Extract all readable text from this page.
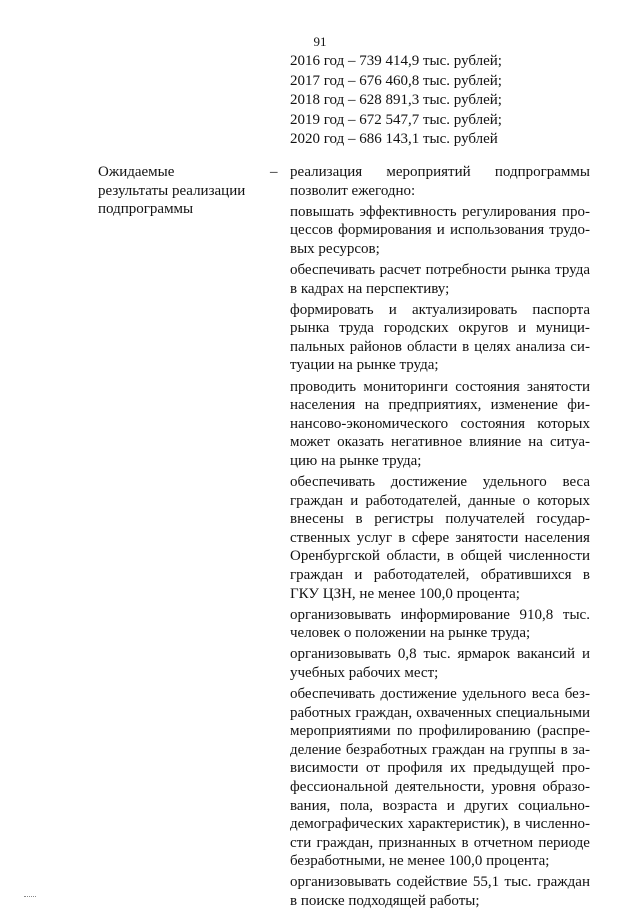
91
2016 год – 739 414,9 тыс. рублей;
2017 год – 676 460,8 тыс. рублей;
2018 год – 628 891,3 тыс. рублей;
2019 год – 672 547,7 тыс. рублей;
2020 год – 686 143,1 тыс. рублей
Ожидаемые
результаты реализации
подпрограммы
– реализация мероприятий подпрограммы
позволит ежегодно:
повышать эффективность регулирования про-
цессов формирования и использования трудо-
вых ресурсов;
обеспечивать расчет потребности рынка труда
в кадрах на перспективу;
формировать и актуализировать паспорта
рынка труда городских округов и муници-
пальных районов области в целях анализа си-
туации на рынке труда;
проводить мониторинги состояния занятости
населения на предприятиях, изменение фи-
нансово-экономического состояния которых
может оказать негативное влияние на ситуа-
цию на рынке труда;
обеспечивать достижение удельного веса
граждан и работодателей, данные о которых
внесены в регистры получателей государ-
ственных услуг в сфере занятости населения
Оренбургской области, в общей численности
граждан и работодателей, обратившихся в
ГКУ ЦЗН, не менее 100,0 процента;
организовывать информирование 910,8 тыс.
человек о положении на рынке труда;
организовывать 0,8 тыс. ярмарок вакансий и
учебных рабочих мест;
обеспечивать достижение удельного веса без-
работных граждан, охваченных специальными
мероприятиями по профилированию (распре-
деление безработных граждан на группы в за-
висимости от профиля их предыдущей про-
фессиональной деятельности, уровня образо-
вания, пола, возраста и других социально-
демографических характеристик), в численно-
сти граждан, признанных в отчетном периоде
безработными, не менее 100,0 процента;
организовывать содействие 55,1 тыс. граждан
в поиске подходящей работы;
